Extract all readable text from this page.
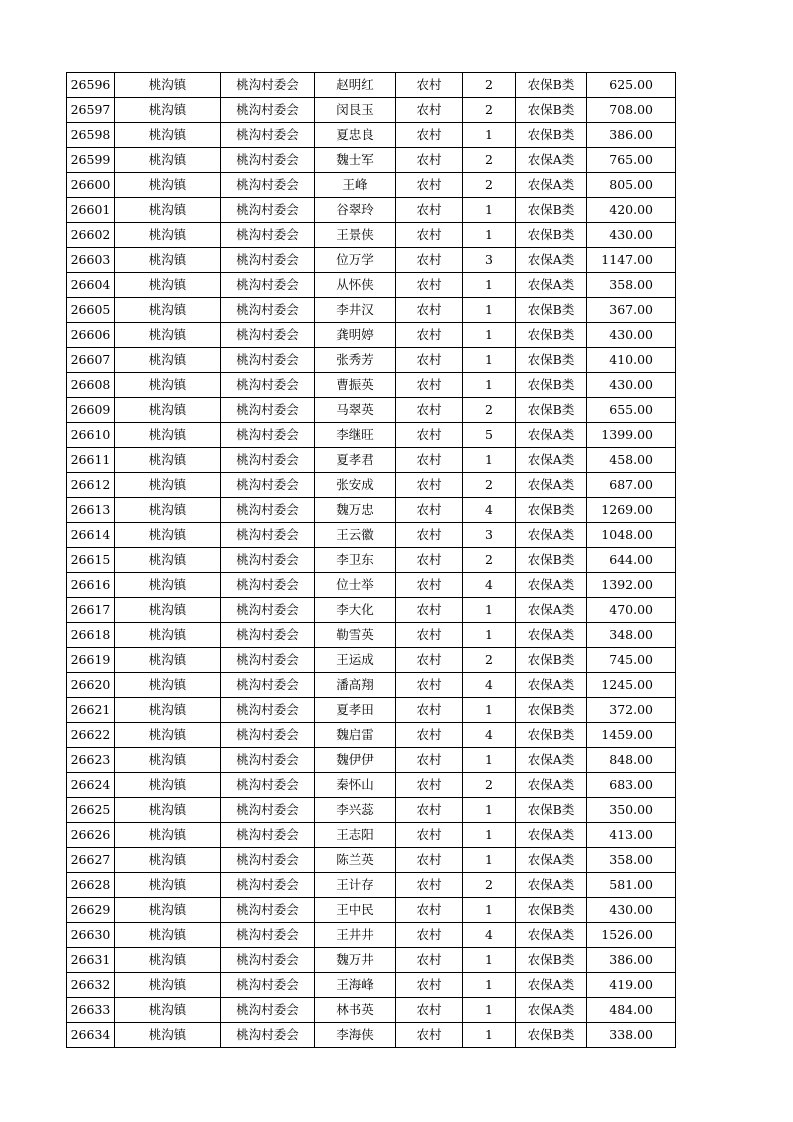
26596	桃沟镇	桃沟村委会	赵明红	农村	2	农保B类	625.00
26597	桃沟镇	桃沟村委会	闵艮玉	农村	2	农保B类	708.00
26598	桃沟镇	桃沟村委会	夏忠良	农村	1	农保B类	386.00
26599	桃沟镇	桃沟村委会	魏士军	农村	2	农保A类	765.00
26600	桃沟镇	桃沟村委会	王峰	农村	2	农保A类	805.00
26601	桃沟镇	桃沟村委会	谷翠玲	农村	1	农保B类	420.00
26602	桃沟镇	桃沟村委会	王景侠	农村	1	农保B类	430.00
26603	桃沟镇	桃沟村委会	位万学	农村	3	农保A类	1147.00
26604	桃沟镇	桃沟村委会	从怀侠	农村	1	农保A类	358.00
26605	桃沟镇	桃沟村委会	李井汉	农村	1	农保B类	367.00
26606	桃沟镇	桃沟村委会	龚明婷	农村	1	农保B类	430.00
26607	桃沟镇	桃沟村委会	张秀芳	农村	1	农保B类	410.00
26608	桃沟镇	桃沟村委会	曹振英	农村	1	农保B类	430.00
26609	桃沟镇	桃沟村委会	马翠英	农村	2	农保B类	655.00
26610	桃沟镇	桃沟村委会	李继旺	农村	5	农保A类	1399.00
26611	桃沟镇	桃沟村委会	夏孝君	农村	1	农保A类	458.00
26612	桃沟镇	桃沟村委会	张安成	农村	2	农保A类	687.00
26613	桃沟镇	桃沟村委会	魏万忠	农村	4	农保B类	1269.00
26614	桃沟镇	桃沟村委会	王云徽	农村	3	农保A类	1048.00
26615	桃沟镇	桃沟村委会	李卫东	农村	2	农保B类	644.00
26616	桃沟镇	桃沟村委会	位士举	农村	4	农保A类	1392.00
26617	桃沟镇	桃沟村委会	李大化	农村	1	农保A类	470.00
26618	桃沟镇	桃沟村委会	勒雪英	农村	1	农保A类	348.00
26619	桃沟镇	桃沟村委会	王运成	农村	2	农保B类	745.00
26620	桃沟镇	桃沟村委会	潘高翔	农村	4	农保A类	1245.00
26621	桃沟镇	桃沟村委会	夏孝田	农村	1	农保B类	372.00
26622	桃沟镇	桃沟村委会	魏启雷	农村	4	农保B类	1459.00
26623	桃沟镇	桃沟村委会	魏伊伊	农村	1	农保A类	848.00
26624	桃沟镇	桃沟村委会	秦怀山	农村	2	农保A类	683.00
26625	桃沟镇	桃沟村委会	李兴蕊	农村	1	农保B类	350.00
26626	桃沟镇	桃沟村委会	王志阳	农村	1	农保A类	413.00
26627	桃沟镇	桃沟村委会	陈兰英	农村	1	农保A类	358.00
26628	桃沟镇	桃沟村委会	王计存	农村	2	农保A类	581.00
26629	桃沟镇	桃沟村委会	王中民	农村	1	农保B类	430.00
26630	桃沟镇	桃沟村委会	王井井	农村	4	农保A类	1526.00
26631	桃沟镇	桃沟村委会	魏万井	农村	1	农保B类	386.00
26632	桃沟镇	桃沟村委会	王海峰	农村	1	农保A类	419.00
26633	桃沟镇	桃沟村委会	林书英	农村	1	农保A类	484.00
26634	桃沟镇	桃沟村委会	李海侠	农村	1	农保B类	338.00
